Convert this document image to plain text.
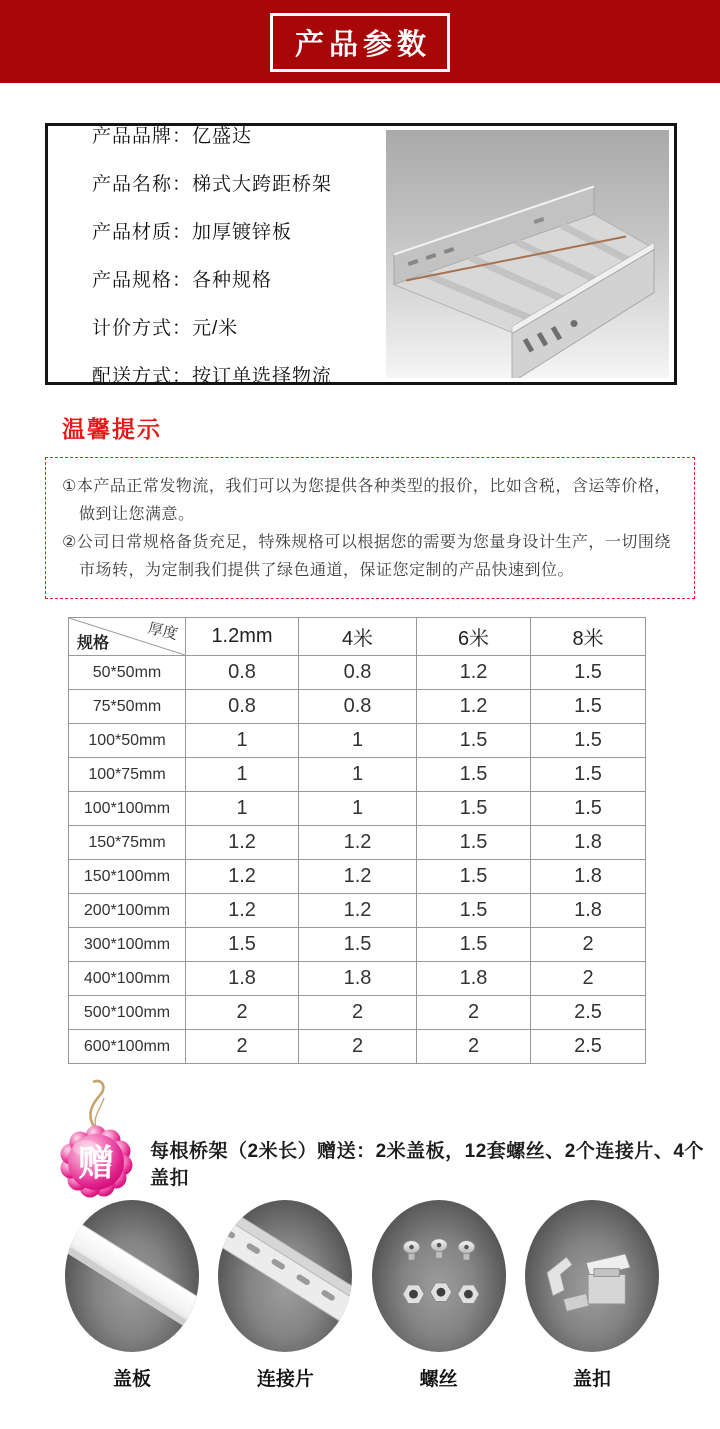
产品参数
产品品牌：亿盛达
产品名称：梯式大跨距桥架
产品材质：加厚镀锌板
产品规格：各种规格
计价方式：元/米
配送方式：按订单选择物流
温馨提示

①本产品正常发物流，我们可以为您提供各种类型的报价，比如含税，含运等价格，做到让您满意。

②公司日常规格备货充足，特殊规格可以根据您的需要为您量身设计生产，一切围绕市场转，为定制我们提供了绿色通道，保证您定制的产品快速到位。

厚度
规格	1.2mm	4米	6米	8米
50*50mm	0.8	0.8	1.2	1.5
75*50mm	0.8	0.8	1.2	1.5
100*50mm	1	1	1.5	1.5
100*75mm	1	1	1.5	1.5
100*100mm	1	1	1.5	1.5
150*75mm	1.2	1.2	1.5	1.8
150*100mm	1.2	1.2	1.5	1.8
200*100mm	1.2	1.2	1.5	1.8
300*100mm	1.5	1.5	1.5	2
400*100mm	1.8	1.8	1.8	2
500*100mm	2	2	2	2.5
600*100mm	2	2	2	2.5
赠 每根桥架（2米长）赠送：2米盖板，12套螺丝、2个连接片、4个盖扣
盖板	连接片	螺丝	盖扣
